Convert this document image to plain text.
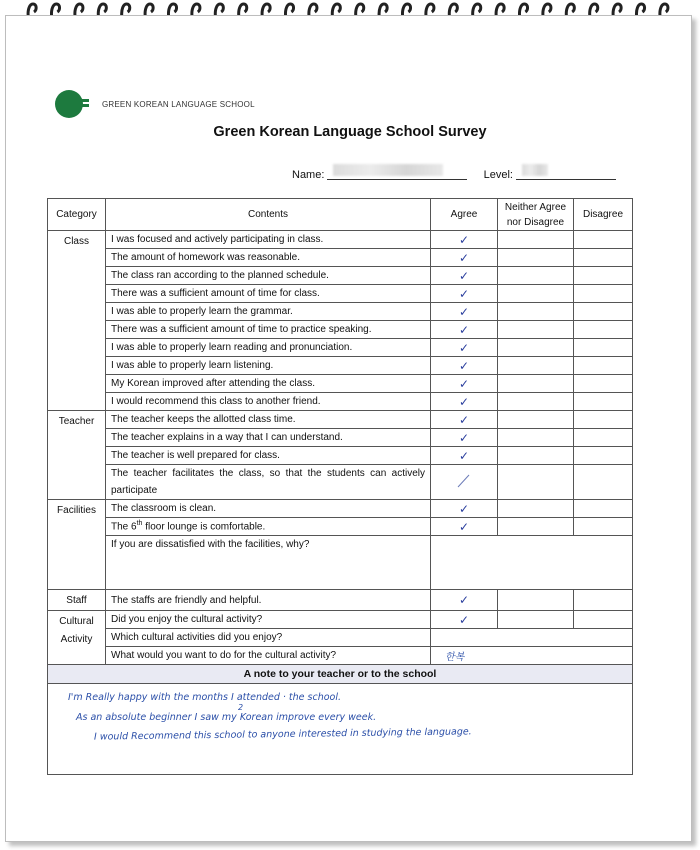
GREEN KOREAN LANGUAGE SCHOOL
Green Korean Language School Survey
Name:	Level:
Category	Contents	Agree	Neither Agree nor Disagree	Disagree
Class	I was focused and actively participating in class.	✓		
	The amount of homework was reasonable.	✓		
	The class ran according to the planned schedule.	✓		
	There was a sufficient amount of time for class.	✓		
	I was able to properly learn the grammar.	✓		
	There was a sufficient amount of time to practice speaking.	✓		
	I was able to properly learn reading and pronunciation.	✓		
	I was able to properly learn listening.	✓		
	My Korean improved after attending the class.	✓		
	I would recommend this class to another friend.	✓		
Teacher	The teacher keeps the allotted class time.	✓		
	The teacher explains in a way that I can understand.	✓		
	The teacher is well prepared for class.	✓		
	The teacher facilitates the class, so that the students can actively participate			
Facilities	The classroom is clean.	✓		
	The 6th floor lounge is comfortable.	✓		
	If you are dissatisfied with the facilities, why?			
Staff	The staffs are friendly and helpful.	✓		
Cultural
Activity	Did you enjoy the cultural activity?	✓		
	Which cultural activities did you enjoy?			
	What would you want to do for the cultural activity?	한복		
A note to your teacher or to the school				

I'm Really happy with the months I attended · the school.
2
As an absolute beginner I saw my Korean improve every week.
I would Recommend this school to anyone interested in studying the language.				
